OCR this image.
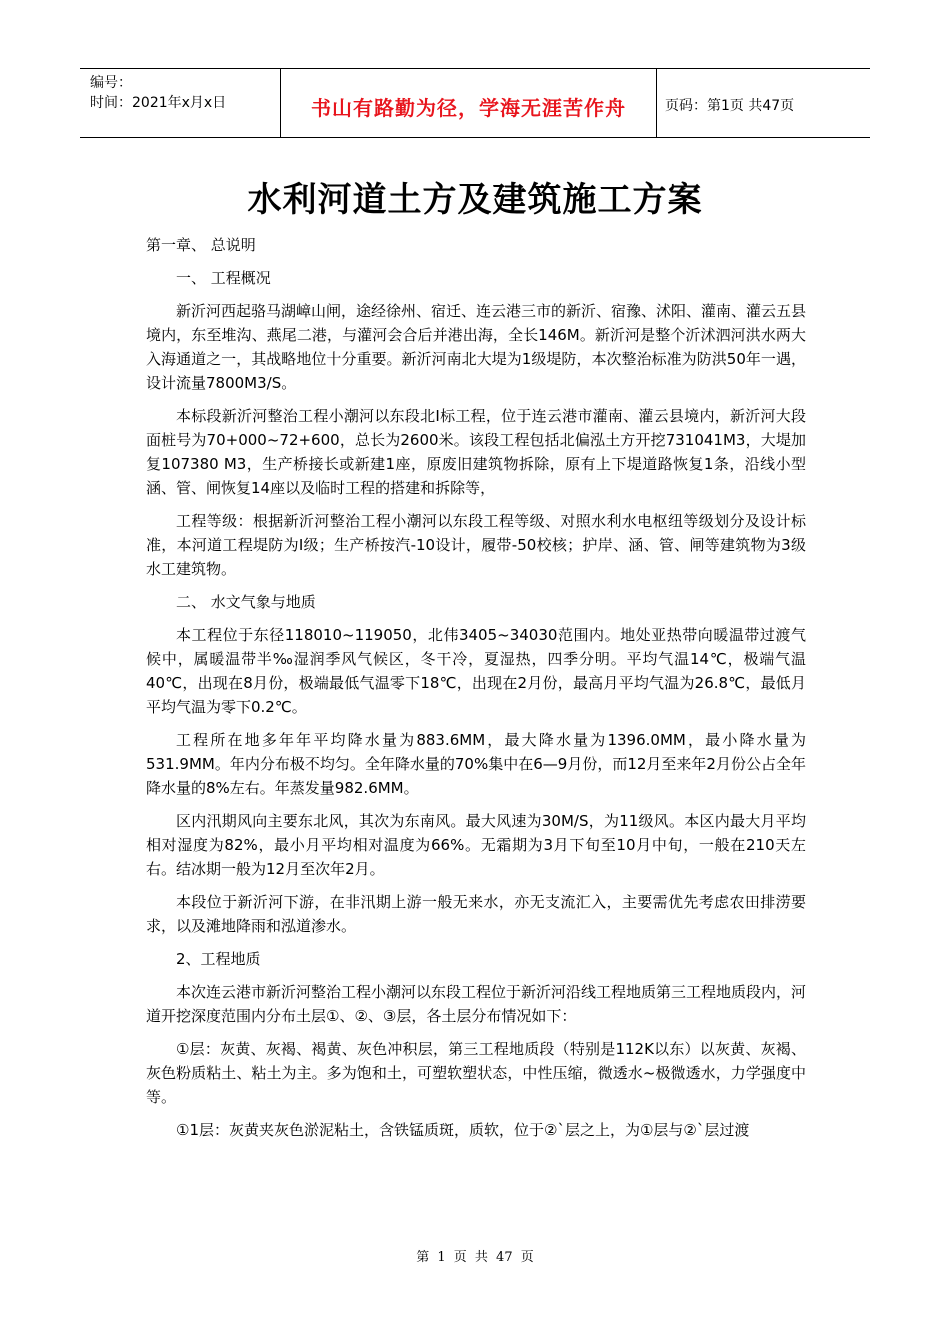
编号：
时间：2021年x月x日	书山有路勤为径，学海无涯苦作舟	页码：第1页 共47页
水利河道土方及建筑施工方案

第一章、 总说明

一、 工程概况

新沂河西起骆马湖嶂山闸，途经徐州、宿迁、连云港三市的新沂、宿豫、沭阳、灌南、灌云五县境内，东至堆沟、燕尾二港，与灌河会合后并港出海，全长146M。新沂河是整个沂沭泗河洪水两大入海通道之一，其战略地位十分重要。新沂河南北大堤为1级堤防，本次整治标准为防洪50年一遇，设计流量7800M3/S。

本标段新沂河整治工程小潮河以东段北Ⅰ标工程，位于连云港市灌南、灌云县境内，新沂河大段面桩号为70+000~72+600，总长为2600米。该段工程包括北偏泓土方开挖731041M3，大堤加复107380 M3，生产桥接长或新建1座，原废旧建筑物拆除，原有上下堤道路恢复1条，沿线小型涵、管、闸恢复14座以及临时工程的搭建和拆除等，

工程等级：根据新沂河整治工程小潮河以东段工程等级、对照水利水电枢纽等级划分及设计标准，本河道工程堤防为Ⅰ级；生产桥按汽-10设计，履带-50校核；护岸、涵、管、闸等建筑物为3级水工建筑物。

二、 水文气象与地质

本工程位于东径118010~119050，北伟3405~34030范围内。地处亚热带向暖温带过渡气候中，属暖温带半‰湿润季风气候区，冬干冷，夏湿热，四季分明。平均气温14℃，极端气温40℃，出现在8月份，极端最低气温零下18℃，出现在2月份，最高月平均气温为26.8℃，最低月平均气温为零下0.2℃。

工程所在地多年年平均降水量为883.6MM，最大降水量为1396.0MM，最小降水量为531.9MM。年内分布极不均匀。全年降水量的70%集中在6—9月份，而12月至来年2月份公占全年降水量的8%左右。年蒸发量982.6MM。

区内汛期风向主要东北风，其次为东南风。最大风速为30M/S，为11级风。本区内最大月平均相对湿度为82%，最小月平均相对温度为66%。无霜期为3月下旬至10月中旬，一般在210天左右。结冰期一般为12月至次年2月。

本段位于新沂河下游，在非汛期上游一般无来水，亦无支流汇入，主要需优先考虑农田排涝要求，以及滩地降雨和泓道渗水。

2、工程地质

本次连云港市新沂河整治工程小潮河以东段工程位于新沂河沿线工程地质第三工程地质段内，河道开挖深度范围内分布土层①、②、③层，各土层分布情况如下：

①层：灰黄、灰褐、褐黄、灰色冲积层，第三工程地质段（特别是112K以东）以灰黄、灰褐、灰色粉质粘土、粘土为主。多为饱和土，可塑软塑状态，中性压缩，微透水~极微透水，力学强度中等。

①1层：灰黄夹灰色淤泥粘土，含铁锰质斑，质软，位于②`层之上，为①层与②`层过渡

第 1 页 共 47 页
